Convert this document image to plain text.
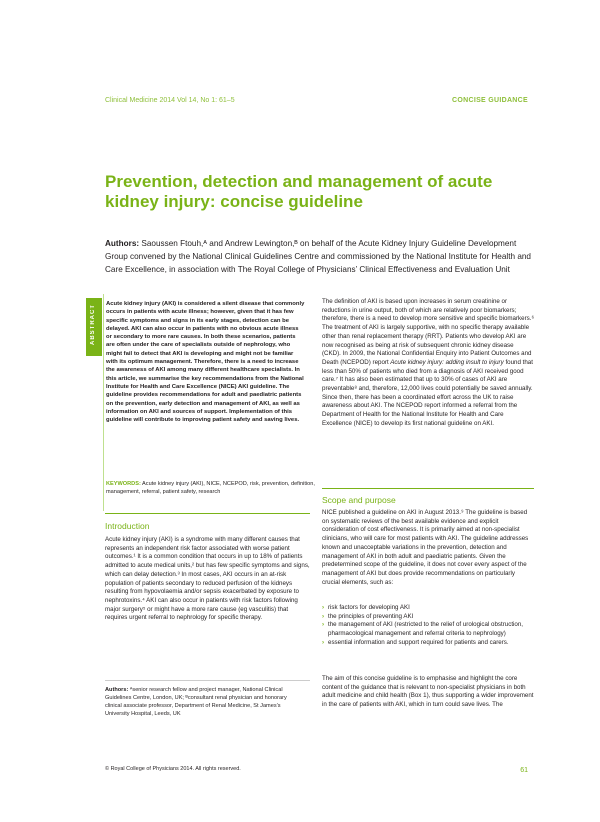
Clinical Medicine 2014 Vol 14, No 1: 61–5	CONCISE GUIDANCE
Prevention, detection and management of acute kidney injury: concise guideline
Authors: Saoussen Ftouh,ᴬ and Andrew Lewington,ᴮ on behalf of the Acute Kidney Injury Guideline Development Group convened by the National Clinical Guidelines Centre and commissioned by the National Institute for Health and Care Excellence, in association with The Royal College of Physicians’ Clinical Effectiveness and Evaluation Unit
ABSTRACT Acute kidney injury (AKI) is considered a silent disease that commonly occurs in patients with acute illness; however, given that it has few specific symptoms and signs in its early stages, detection can be delayed. AKI can also occur in patients with no obvious acute illness or secondary to more rare causes. In both these scenarios, patients are often under the care of specialists outside of nephrology, who might fail to detect that AKI is developing and might not be familiar with its optimum management. Therefore, there is a need to increase the awareness of AKI among many different healthcare specialists. In this article, we summarise the key recommendations from the National Institute for Health and Care Excellence (NICE) AKI guideline. The guideline provides recommendations for adult and paediatric patients on the prevention, early detection and management of AKI, as well as information on AKI and sources of support. Implementation of this guideline will contribute to improving patient safety and saving lives.
KEYWORDS: Acute kidney injury (AKI), NICE, NCEPOD, risk, prevention, definition, management, referral, patient safety, research
Introduction
Acute kidney injury (AKI) is a syndrome with many different causes that represents an independent risk factor associated with worse patient outcomes.¹ It is a common condition that occurs in up to 18% of patients admitted to acute medical units,² but has few specific symptoms and signs, which can delay detection.³ In most cases, AKI occurs in an at-risk population of patients secondary to reduced perfusion of the kidneys resulting from hypovolaemia and/or sepsis exacerbated by exposure to nephrotoxins.⁴ AKI can also occur in patients with risk factors following major surgery⁵ or might have a more rare cause (eg vasculitis) that requires urgent referral to nephrology for specific therapy.
Authors: ᴬsenior research fellow and project manager, National Clinical Guidelines Centre, London, UK; ᴮconsultant renal physician and honorary clinical associate professor, Department of Renal Medicine, St James’s University Hospital, Leeds, UK
The definition of AKI is based upon increases in serum creatinine or reductions in urine output, both of which are relatively poor biomarkers; therefore, there is a need to develop more sensitive and specific biomarkers.⁶ The treatment of AKI is largely supportive, with no specific therapy available other than renal replacement therapy (RRT). Patients who develop AKI are now recognised as being at risk of subsequent chronic kidney disease (CKD). In 2009, the National Confidential Enquiry into Patient Outcomes and Death (NCEPOD) report Acute kidney injury: adding insult to injury found that less than 50% of patients who died from a diagnosis of AKI received good care.⁷ It has also been estimated that up to 30% of cases of AKI are preventable⁸ and, therefore, 12,000 lives could potentially be saved annually. Since then, there has been a coordinated effort across the UK to raise awareness about AKI. The NCEPOD report informed a referral from the Department of Health for the National Institute for Health and Care Excellence (NICE) to develop its first national guideline on AKI.
Scope and purpose
NICE published a guideline on AKI in August 2013.⁹ The guideline is based on systematic reviews of the best available evidence and explicit consideration of cost effectiveness. It is primarily aimed at non-specialist clinicians, who will care for most patients with AKI. The guideline addresses known and unacceptable variations in the prevention, detection and management of AKI in both adult and paediatric patients. Given the predetermined scope of the guideline, it does not cover every aspect of the management of AKI but does provide recommendations on particularly crucial elements, such as:
› risk factors for developing AKI
› the principles of preventing AKI
› the management of AKI (restricted to the relief of urological obstruction, pharmacological management and referral criteria to nephrology)
› essential information and support required for patients and carers.
The aim of this concise guideline is to emphasise and highlight the core content of the guidance that is relevant to non-specialist physicians in both adult medicine and child health (Box 1), thus supporting a wider improvement in the care of patients with AKI, which in turn could save lives. The
© Royal College of Physicians 2014. All rights reserved.	61
